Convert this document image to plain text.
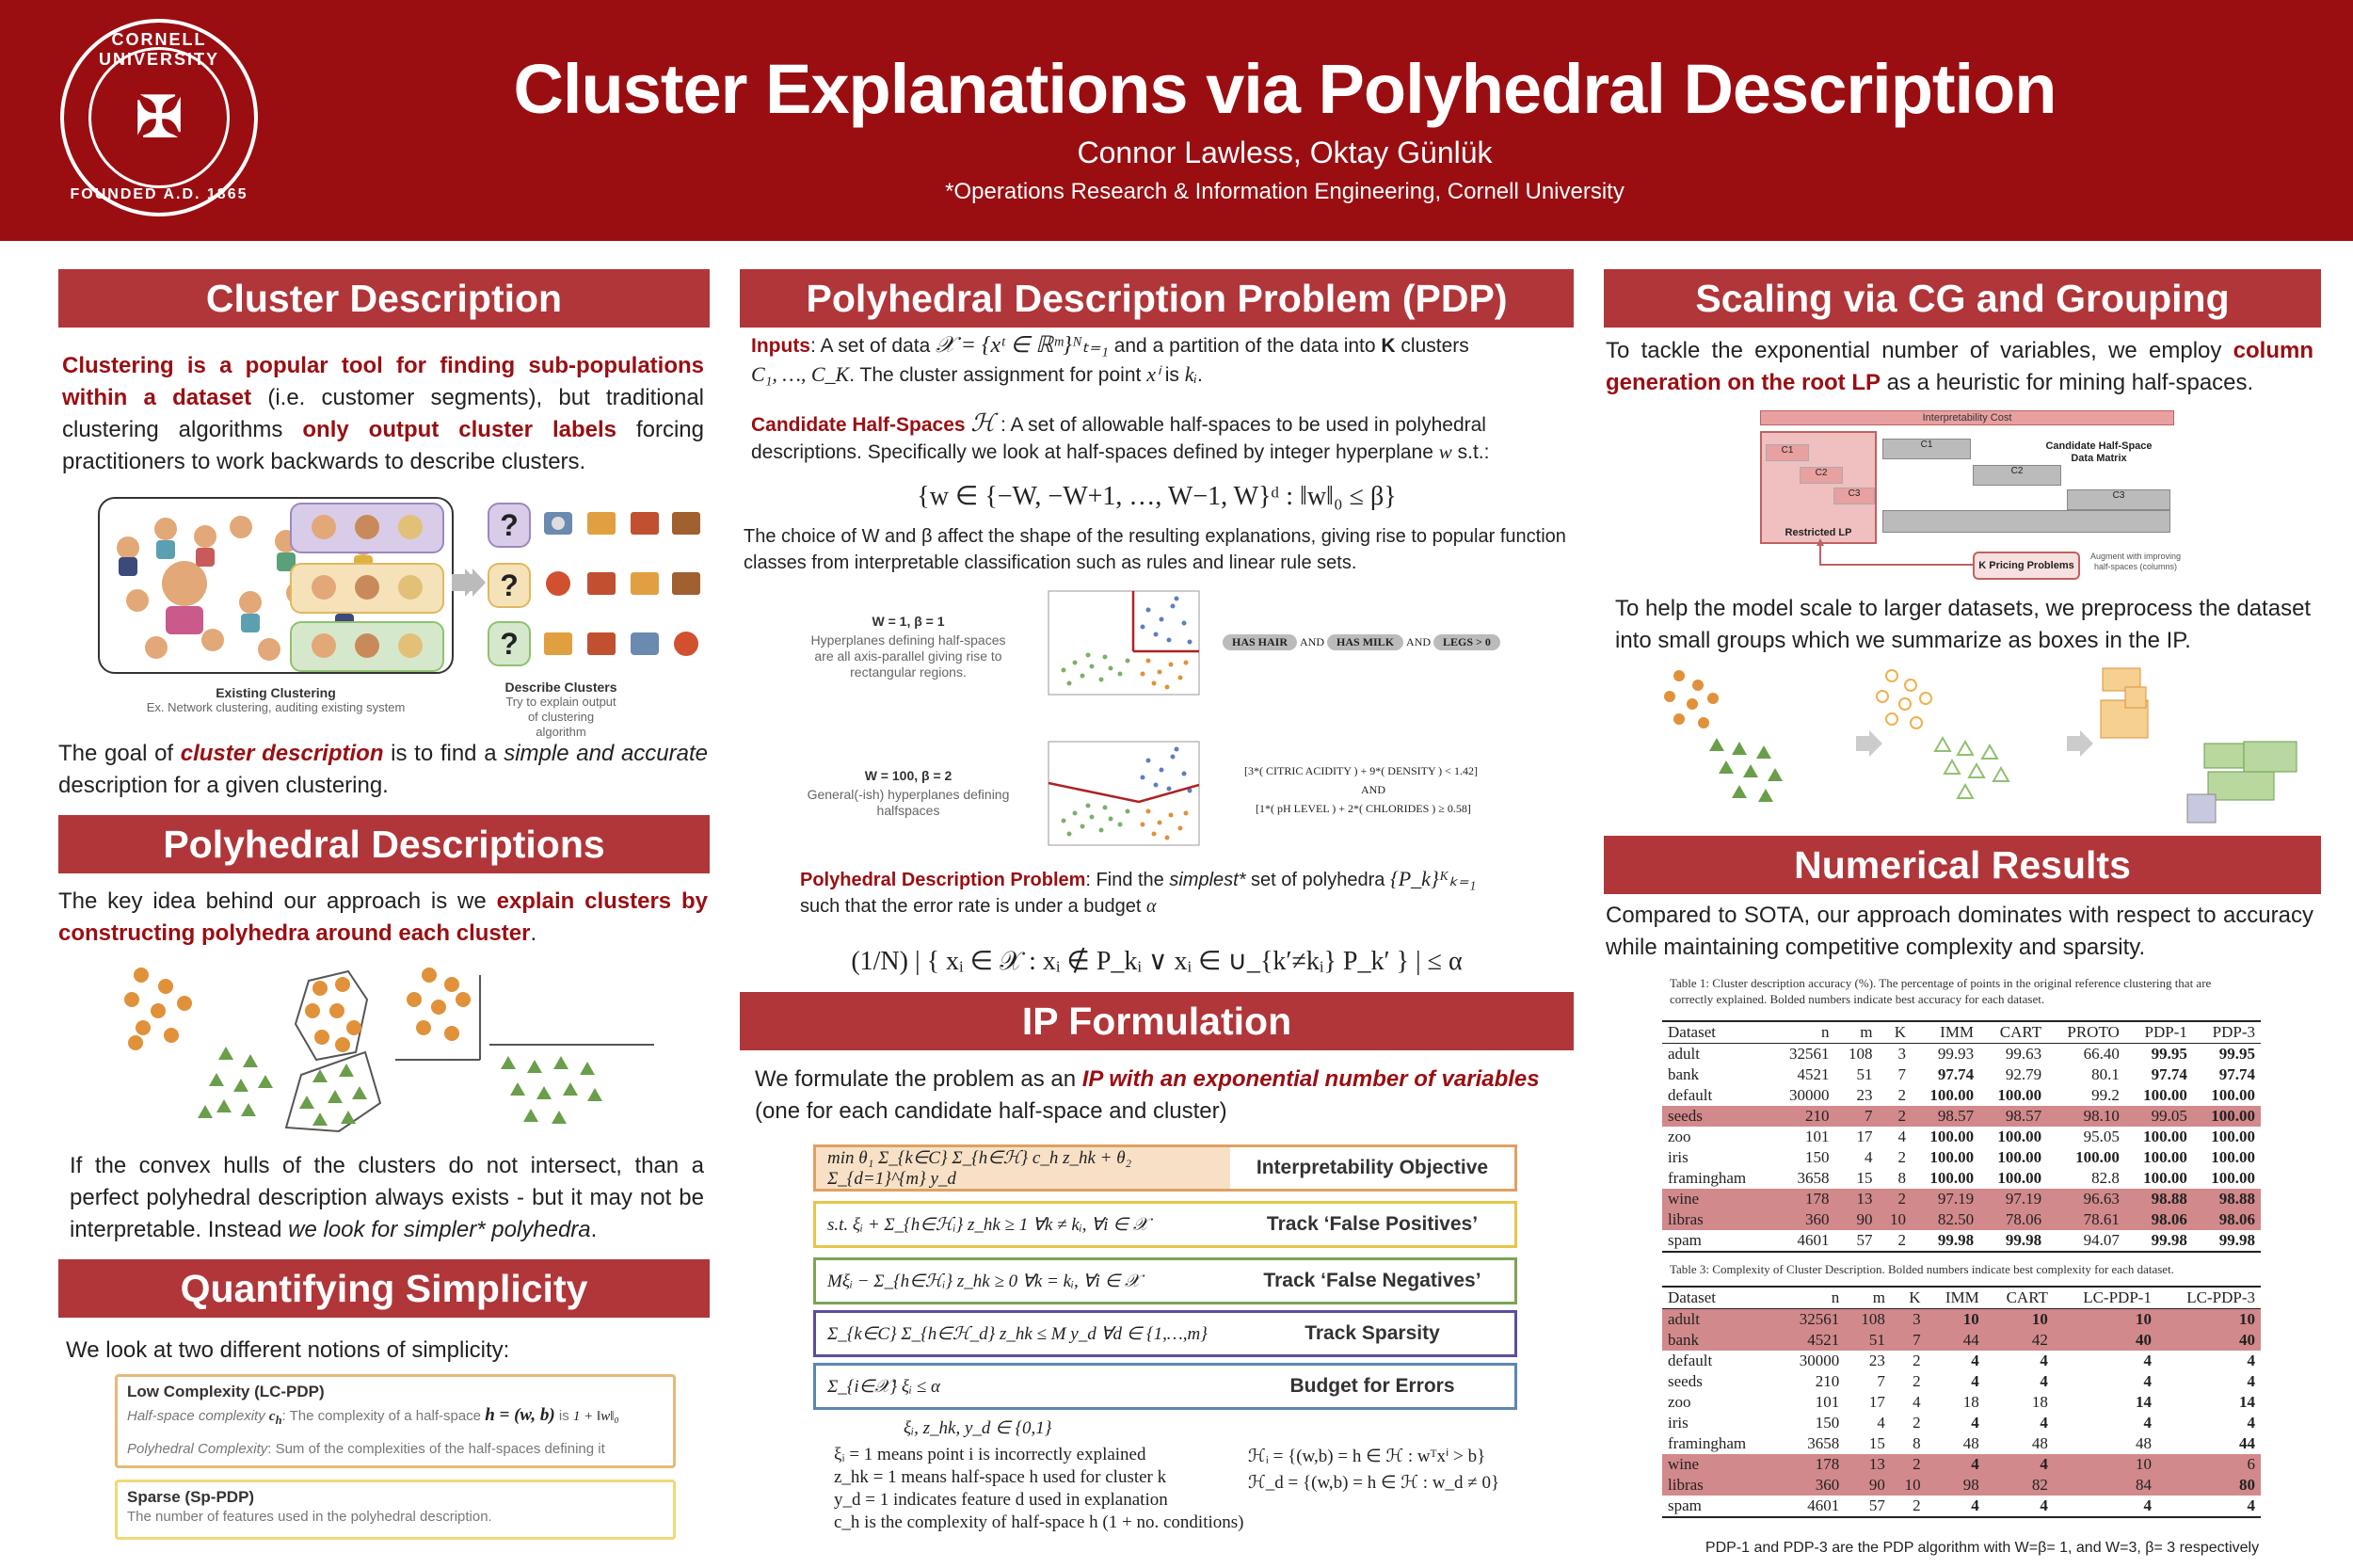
CORNELL UNIVERSITY
✠
FOUNDED A.D. 1865
Cluster Explanations via Polyhedral Description
Connor Lawless, Oktay Günlük
*Operations Research & Information Engineering, Cornell University
Cluster Description
Clustering is a popular tool for finding sub-populations within a dataset (i.e. customer segments), but traditional clustering algorithms only output cluster labels forcing practitioners to work backwards to describe clusters.
?
?
?
Existing Clustering
Ex. Network clustering, auditing existing system
Describe Clusters
Try to explain output of clustering algorithm
The goal of cluster description is to find a simple and accurate description for a given clustering.
Polyhedral Descriptions
The key idea behind our approach is we explain clusters by constructing polyhedra around each cluster.
If the convex hulls of the clusters do not intersect, than a perfect polyhedral description always exists - but it may not be interpretable. Instead we look for simpler* polyhedra.
Quantifying Simplicity
We look at two different notions of simplicity:
Low Complexity (LC-PDP)
Half-space complexity $c_h$: The complexity of a half-space h = (w, b) is 1 + ‖w‖₀
Polyhedral Complexity: Sum of the complexities of the half-spaces defining it
Sparse (Sp-PDP)
The number of features used in the polyhedral description.
Polyhedral Description Problem (PDP)
Inputs: A set of data 𝒳 = {xᵗ ∈ ℝᵐ}ᴺₜ₌₁ and a partition of the data into K clusters
C₁, …, C_K. The cluster assignment for point xⁱ is kᵢ.
Candidate Half-Spaces ℋ : A set of allowable half-spaces to be used in polyhedral descriptions. Specifically we look at half-spaces defined by integer hyperplane w s.t.:
{w ∈ {−W, −W+1, …, W−1, W}ᵈ : ‖w‖₀ ≤ β}
The choice of W and β affect the shape of the resulting explanations, giving rise to popular function classes from interpretable classification such as rules and linear rule sets.
W = 1, β = 1
Hyperplanes defining half-spaces are all axis-parallel giving rise to rectangular regions.
HAS HAIR AND HAS MILK AND LEGS > 0
W = 100, β = 2
General(-ish) hyperplanes defining halfspaces
[3*( CITRIC ACIDITY ) + 9*( DENSITY ) < 1.42]
AND
[1*( pH LEVEL ) + 2*( CHLORIDES ) ≥ 0.58]
Polyhedral Description Problem: Find the simplest* set of polyhedra {P_k}ᴷₖ₌₁
such that the error rate is under a budget α
(1/N) | { xᵢ ∈ 𝒳 : xᵢ ∉ P_kᵢ ∨ xᵢ ∈ ∪_{k′≠kᵢ} P_k′ } | ≤ α
IP Formulation
We formulate the problem as an IP with an exponential number of variables (one for each candidate half-space and cluster)
min θ₁ Σ_{k∈C} Σ_{h∈ℋ} c_h z_hk + θ₂ Σ_{d=1}^{m} y_d	Interpretability Objective
s.t. ξᵢ + Σ_{h∈ℋᵢ} z_hk ≥ 1 ∀k ≠ kᵢ, ∀i ∈ 𝒳	Track ‘False Positives’
Mξᵢ − Σ_{h∈ℋᵢ} z_hk ≥ 0 ∀k = kᵢ, ∀i ∈ 𝒳	Track ‘False Negatives’
Σ_{k∈C} Σ_{h∈ℋ_d} z_hk ≤ M y_d ∀d ∈ {1,…,m}	Track Sparsity
Σ_{i∈𝒳} ξᵢ ≤ α	Budget for Errors
ξᵢ, z_hk, y_d ∈ {0,1}
ξᵢ = 1 means point i is incorrectly explained
z_hk = 1 means half-space h used for cluster k
y_d = 1 indicates feature d used in explanation
c_h is the complexity of half-space h (1 + no. conditions)
ℋᵢ = {(w,b) = h ∈ ℋ : wᵀxⁱ > b}
ℋ_d = {(w,b) = h ∈ ℋ : w_d ≠ 0}
Scaling via CG and Grouping
To tackle the exponential number of variables, we employ column generation on the root LP as a heuristic for mining half-spaces.
Interpretability Cost
C1
C2
C3
Restricted LP
C1
C2
C3
Candidate Half-Space Data Matrix
K Pricing Problems
Augment with improving half-spaces (columns)
To help the model scale to larger datasets, we preprocess the dataset into small groups which we summarize as boxes in the IP.
Numerical Results
Compared to SOTA, our approach dominates with respect to accuracy while maintaining competitive complexity and sparsity.
Table 1: Cluster description accuracy (%). The percentage of points in the original reference clustering that are correctly explained. Bolded numbers indicate best accuracy for each dataset.
Dataset	n	m	K	IMM	CART	PROTO	PDP-1	PDP-3
adult	32561	108	3	99.93	99.63	66.40	99.95	99.95
bank	4521	51	7	97.74	92.79	80.1	97.74	97.74
default	30000	23	2	100.00	100.00	99.2	100.00	100.00
seeds	210	7	2	98.57	98.57	98.10	99.05	100.00
zoo	101	17	4	100.00	100.00	95.05	100.00	100.00
iris	150	4	2	100.00	100.00	100.00	100.00	100.00
framingham	3658	15	8	100.00	100.00	82.8	100.00	100.00
wine	178	13	2	97.19	97.19	96.63	98.88	98.88
libras	360	90	10	82.50	78.06	78.61	98.06	98.06
spam	4601	57	2	99.98	99.98	94.07	99.98	99.98
Table 3: Complexity of Cluster Description. Bolded numbers indicate best complexity for each dataset.
Dataset	n	m	K	IMM	CART	LC-PDP-1	LC-PDP-3
adult	32561	108	3	10	10	10	10
bank	4521	51	7	44	42	40	40
default	30000	23	2	4	4	4	4
seeds	210	7	2	4	4	4	4
zoo	101	17	4	18	18	14	14
iris	150	4	2	4	4	4	4
framingham	3658	15	8	48	48	48	44
wine	178	13	2	4	4	10	6
libras	360	90	10	98	82	84	80
spam	4601	57	2	4	4	4	4
PDP-1 and PDP-3 are the PDP algorithm with W=β= 1, and W=3, β= 3 respectively
